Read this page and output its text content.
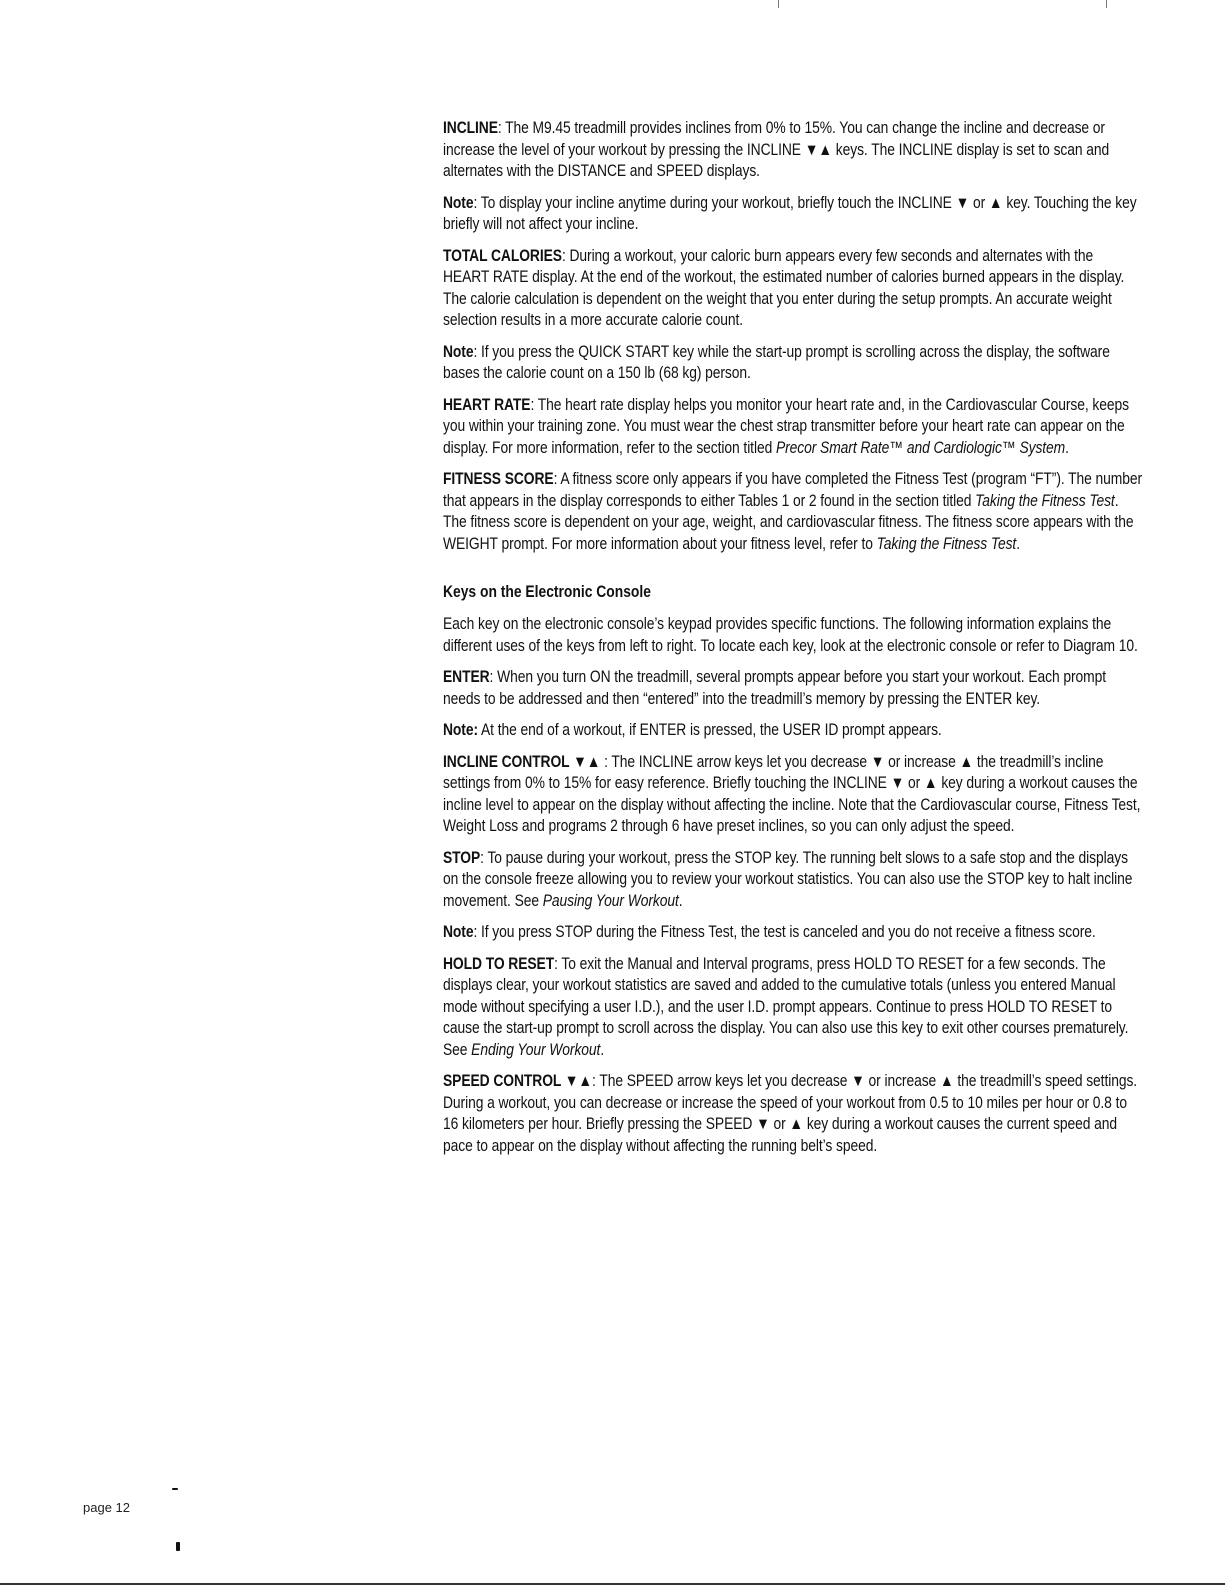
INCLINE: The M9.45 treadmill provides inclines from 0% to 15%. You can change the incline and decrease or increase the level of your workout by pressing the INCLINE ▼▲ keys. The INCLINE display is set to scan and alternates with the DISTANCE and SPEED displays.

Note: To display your incline anytime during your workout, briefly touch the INCLINE ▼ or ▲ key. Touching the key briefly will not affect your incline.

TOTAL CALORIES: During a workout, your caloric burn appears every few seconds and alternates with the HEART RATE display. At the end of the workout, the estimated number of calories burned appears in the display. The calorie calculation is dependent on the weight that you enter during the setup prompts. An accurate weight selection results in a more accurate calorie count.

Note: If you press the QUICK START key while the start-up prompt is scrolling across the display, the software bases the calorie count on a 150 lb (68 kg) person.

HEART RATE: The heart rate display helps you monitor your heart rate and, in the Cardiovascular Course, keeps you within your training zone. You must wear the chest strap transmitter before your heart rate can appear on the display. For more information, refer to the section titled Precor Smart Rate™ and Cardiologic™ System.

FITNESS SCORE: A fitness score only appears if you have completed the Fitness Test (program “FT”). The number that appears in the display corresponds to either Tables 1 or 2 found in the section titled Taking the Fitness Test. The fitness score is dependent on your age, weight, and cardiovascular fitness. The fitness score appears with the WEIGHT prompt. For more information about your fitness level, refer to Taking the Fitness Test.

Keys on the Electronic Console

Each key on the electronic console’s keypad provides specific functions. The following information explains the different uses of the keys from left to right. To locate each key, look at the electronic console or refer to Diagram 10.

ENTER: When you turn ON the treadmill, several prompts appear before you start your workout. Each prompt needs to be addressed and then “entered” into the treadmill’s memory by pressing the ENTER key.

Note: At the end of a workout, if ENTER is pressed, the USER ID prompt appears.

INCLINE CONTROL ▼▲ : The INCLINE arrow keys let you decrease ▼ or increase ▲ the treadmill’s incline settings from 0% to 15% for easy reference. Briefly touching the INCLINE ▼ or ▲ key during a workout causes the incline level to appear on the display without affecting the incline. Note that the Cardiovascular course, Fitness Test, Weight Loss and programs 2 through 6 have preset inclines, so you can only adjust the speed.

STOP: To pause during your workout, press the STOP key. The running belt slows to a safe stop and the displays on the console freeze allowing you to review your workout statistics. You can also use the STOP key to halt incline movement. See Pausing Your Workout.

Note: If you press STOP during the Fitness Test, the test is canceled and you do not receive a fitness score.

HOLD TO RESET: To exit the Manual and Interval programs, press HOLD TO RESET for a few seconds. The displays clear, your workout statistics are saved and added to the cumulative totals (unless you entered Manual mode without specifying a user I.D.), and the user I.D. prompt appears. Continue to press HOLD TO RESET to cause the start-up prompt to scroll across the display. You can also use this key to exit other courses prematurely. See Ending Your Workout.

SPEED CONTROL ▼▲: The SPEED arrow keys let you decrease ▼ or increase ▲ the treadmill’s speed settings. During a workout, you can decrease or increase the speed of your workout from 0.5 to 10 miles per hour or 0.8 to 16 kilometers per hour. Briefly pressing the SPEED ▼ or ▲ key during a workout causes the current speed and pace to appear on the display without affecting the running belt’s speed.

page 12
